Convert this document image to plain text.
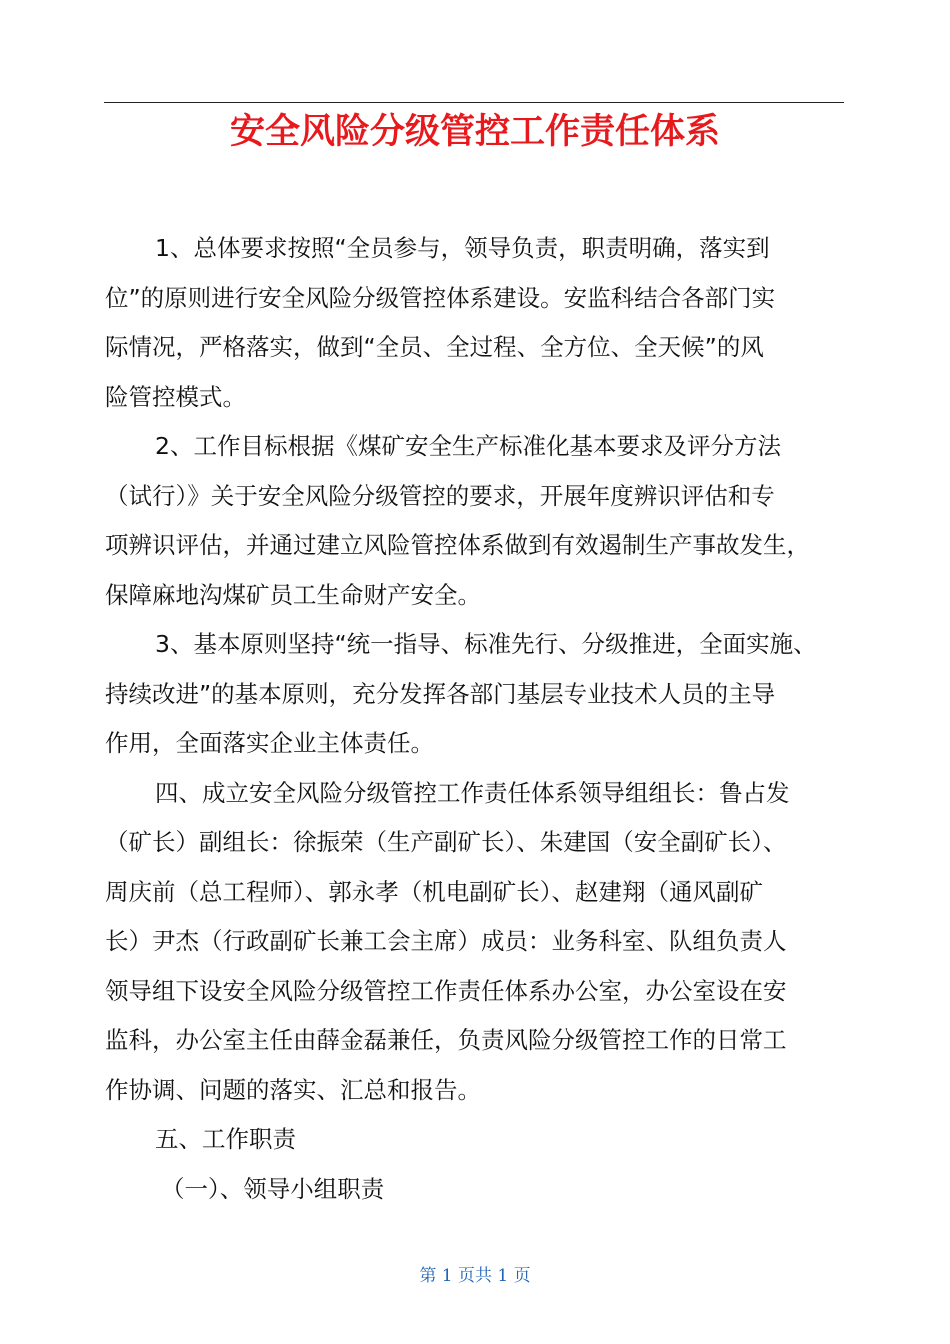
安全风险分级管控工作责任体系

1、总体要求按照“全员参与，领导负责，职责明确，落实到

位”的原则进行安全风险分级管控体系建设。安监科结合各部门实

际情况，严格落实，做到“全员、全过程、全方位、全天候”的风

险管控模式。

2、工作目标根据《煤矿安全生产标准化基本要求及评分方法

（试行）》关于安全风险分级管控的要求，开展年度辨识评估和专

项辨识评估，并通过建立风险管控体系做到有效遏制生产事故发生，

保障麻地沟煤矿员工生命财产安全。

3、基本原则坚持“统一指导、标准先行、分级推进，全面实施、

持续改进”的基本原则，充分发挥各部门基层专业技术人员的主导

作用，全面落实企业主体责任。

四、成立安全风险分级管控工作责任体系领导组组长：鲁占发

（矿长）副组长：徐振荣（生产副矿长）、朱建国（安全副矿长）、

周庆前（总工程师）、郭永孝（机电副矿长）、赵建翔（通风副矿

长）尹杰（行政副矿长兼工会主席）成员：业务科室、队组负责人

领导组下设安全风险分级管控工作责任体系办公室，办公室设在安

监科，办公室主任由薛金磊兼任，负责风险分级管控工作的日常工

作协调、问题的落实、汇总和报告。

五、工作职责

（一）、领导小组职责

第 1 页共 1 页
